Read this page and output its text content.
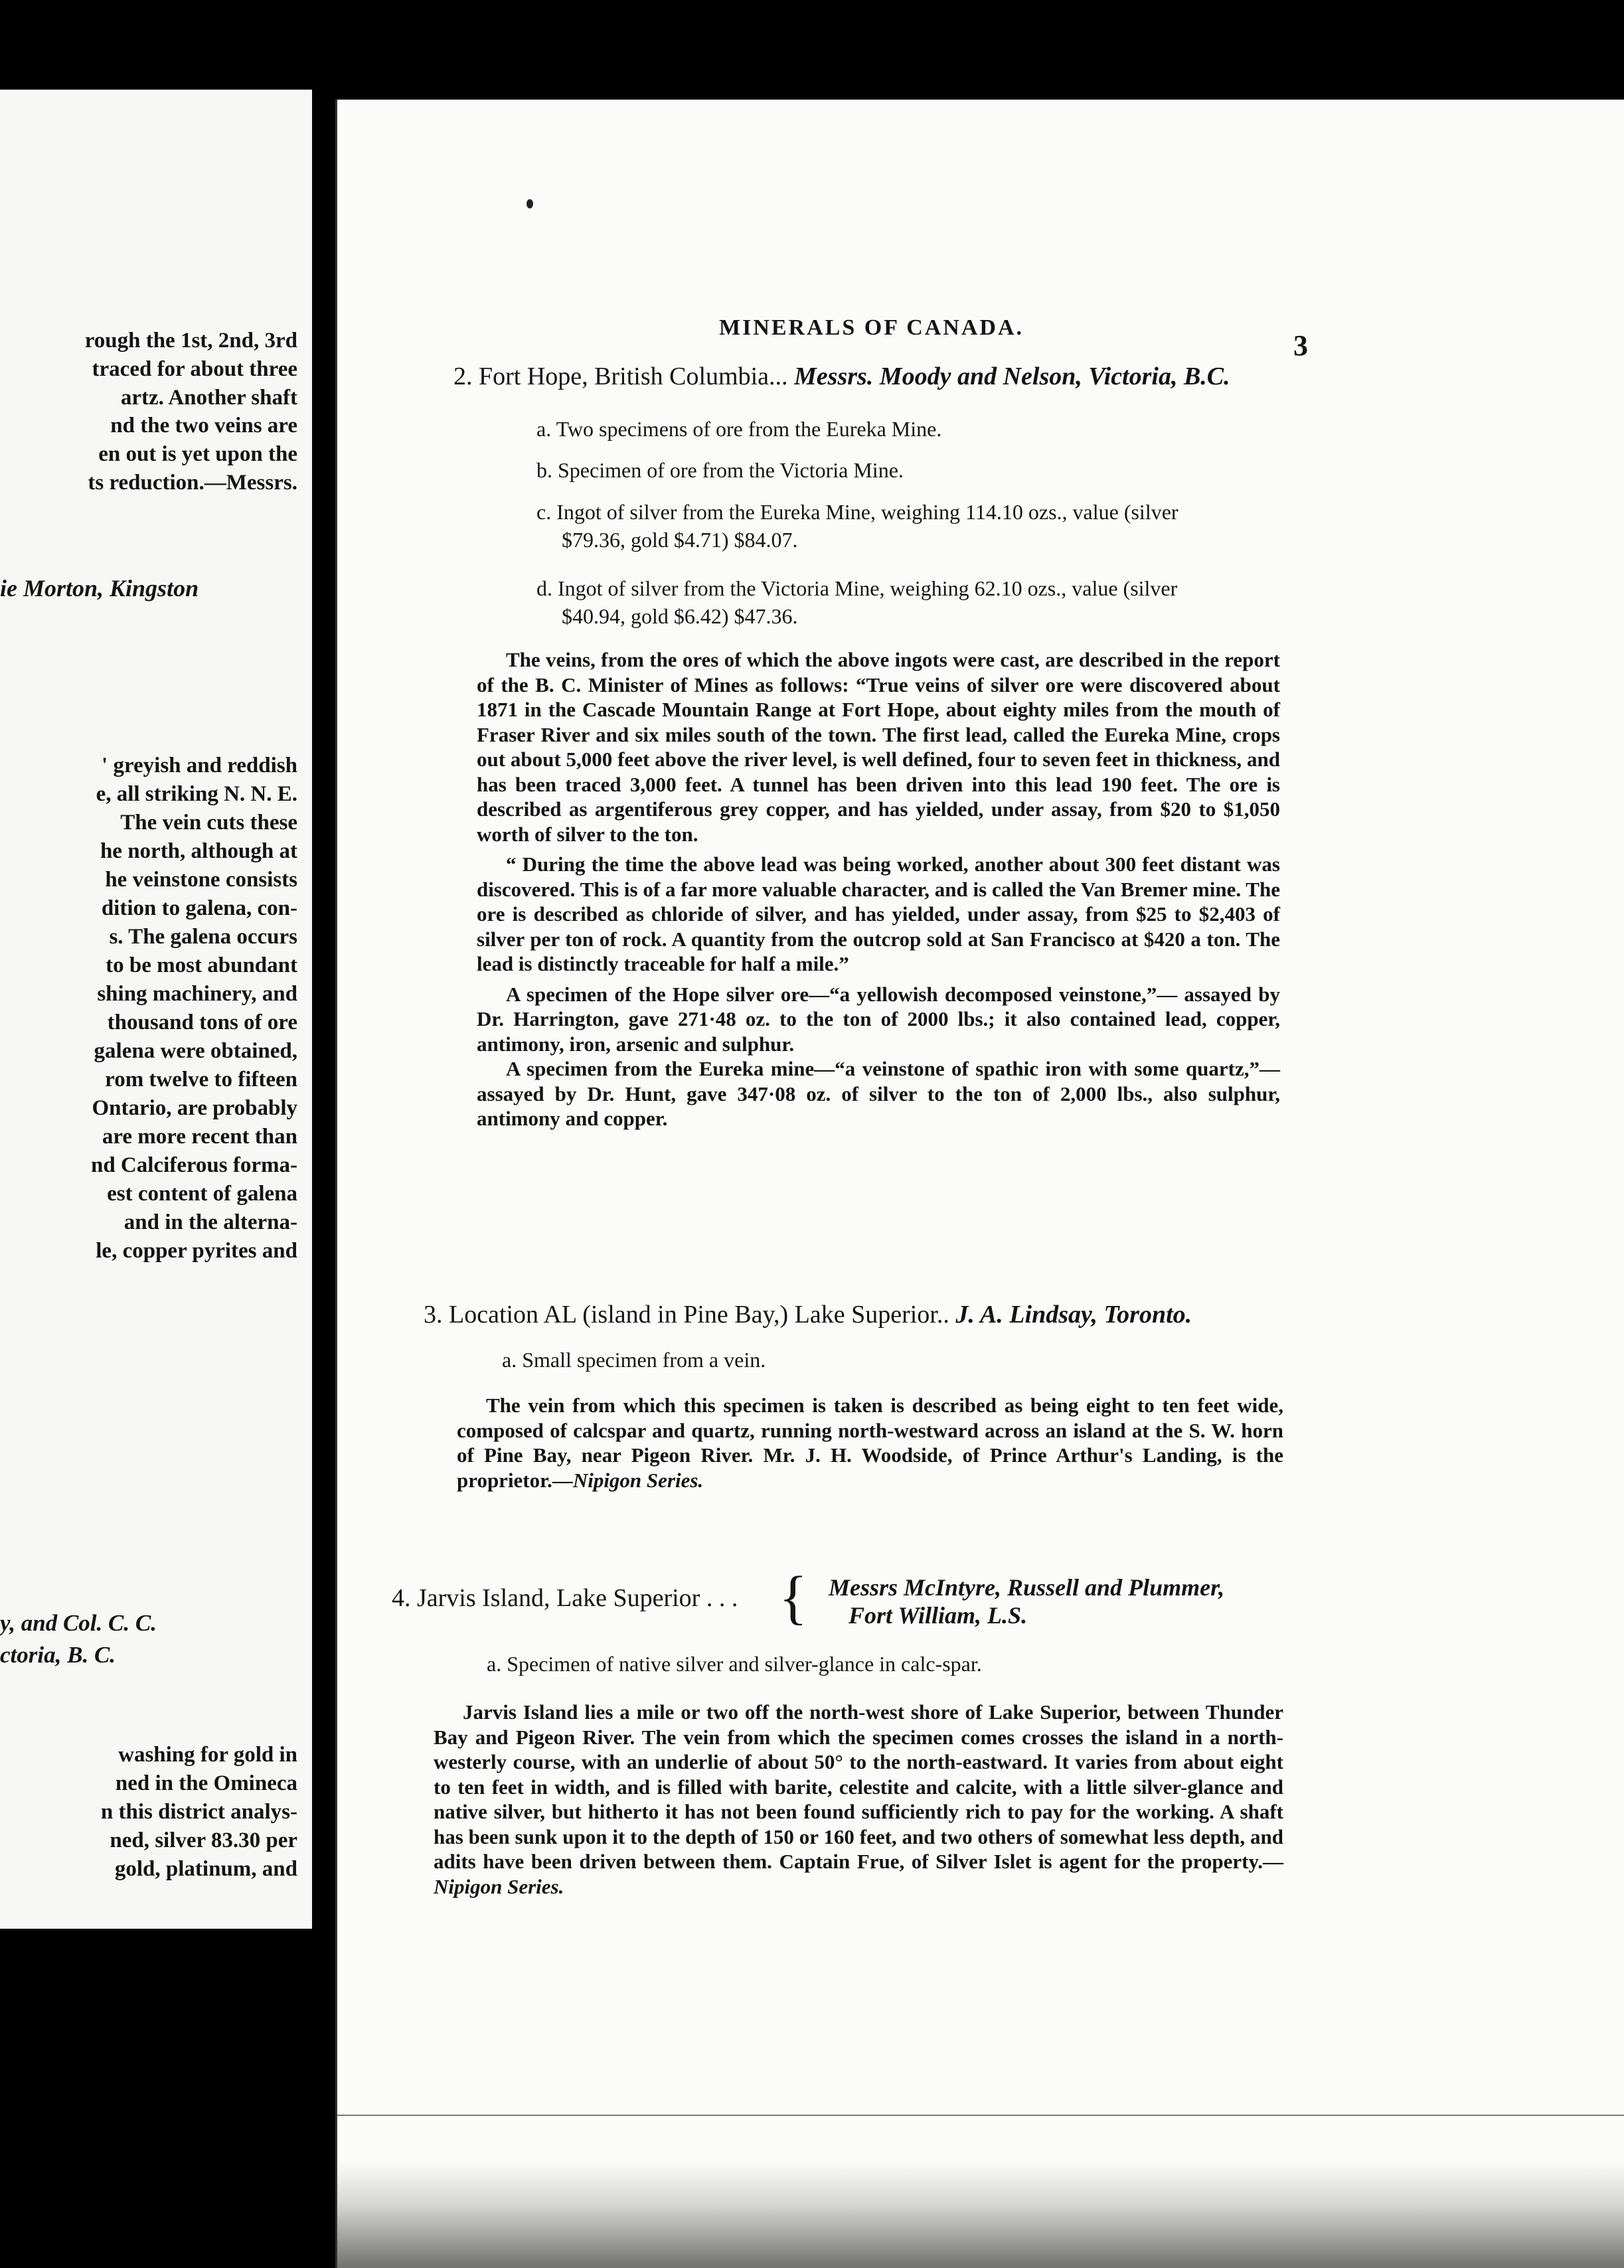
rough the 1st, 2nd, 3rd
traced for about three
artz. Another shaft
nd the two veins are
en out is yet upon the
ts reduction.—Messrs.
ie Morton, Kingston
' greyish and reddish
e, all striking N. N. E.
The vein cuts these
he north, although at
he veinstone consists
dition to galena, con-
s. The galena occurs
to be most abundant
shing machinery, and
thousand tons of ore
galena were obtained,
rom twelve to fifteen
Ontario, are probably
are more recent than
nd Calciferous forma-
est content of galena
and in the alterna-
le, copper pyrites and
y, and Col. C. C.
ctoria, B. C.
washing for gold in
ned in the Omineca
n this district analys-
ned, silver 83.30 per
gold, platinum, and
MINERALS OF CANADA.
3
2. Fort Hope, British Columbia... Messrs. Moody and Nelson, Victoria, B.C.
a. Two specimens of ore from the Eureka Mine.
b. Specimen of ore from the Victoria Mine.
c. Ingot of silver from the Eureka Mine, weighing 114.10 ozs., value (silver
$79.36, gold $4.71) $84.07.
d. Ingot of silver from the Victoria Mine, weighing 62.10 ozs., value (silver
$40.94, gold $6.42) $47.36.

The veins, from the ores of which the above ingots were cast, are described in the report of the B. C. Minister of Mines as follows: “True veins of silver ore were discovered about 1871 in the Cascade Mountain Range at Fort Hope, about eighty miles from the mouth of Fraser River and six miles south of the town. The first lead, called the Eureka Mine, crops out about 5,000 feet above the river level, is well defined, four to seven feet in thickness, and has been traced 3,000 feet. A tunnel has been driven into this lead 190 feet. The ore is described as argentiferous grey copper, and has yielded, under assay, from $20 to $1,050 worth of silver to the ton.

“ During the time the above lead was being worked, another about 300 feet distant was discovered. This is of a far more valuable character, and is called the Van Bremer mine. The ore is described as chloride of silver, and has yielded, under assay, from $25 to $2,403 of silver per ton of rock. A quantity from the outcrop sold at San Francisco at $420 a ton. The lead is distinctly traceable for half a mile.”

A specimen of the Hope silver ore—“a yellowish decomposed veinstone,”— assayed by Dr. Harrington, gave 271·48 oz. to the ton of 2000 lbs.; it also contained lead, copper, antimony, iron, arsenic and sulphur.

A specimen from the Eureka mine—“a veinstone of spathic iron with some quartz,”—assayed by Dr. Hunt, gave 347·08 oz. of silver to the ton of 2,000 lbs., also sulphur, antimony and copper.

3. Location AL (island in Pine Bay,) Lake Superior.. J. A. Lindsay, Toronto.
a. Small specimen from a vein.

The vein from which this specimen is taken is described as being eight to ten feet wide, composed of calcspar and quartz, running north-westward across an island at the S. W. horn of Pine Bay, near Pigeon River. Mr. J. H. Woodside, of Prince Arthur's Landing, is the proprietor.—Nipigon Series.

4. Jarvis Island, Lake Superior . . . { Messrs McIntyre, Russell and Plummer,
Fort William, L.S.
a. Specimen of native silver and silver-glance in calc-spar.

Jarvis Island lies a mile or two off the north-west shore of Lake Superior, between Thunder Bay and Pigeon River. The vein from which the specimen comes crosses the island in a north-westerly course, with an underlie of about 50° to the north-eastward. It varies from about eight to ten feet in width, and is filled with barite, celestite and calcite, with a little silver-glance and native silver, but hitherto it has not been found sufficiently rich to pay for the working. A shaft has been sunk upon it to the depth of 150 or 160 feet, and two others of somewhat less depth, and adits have been driven between them. Captain Frue, of Silver Islet is agent for the property.—Nipigon Series.
